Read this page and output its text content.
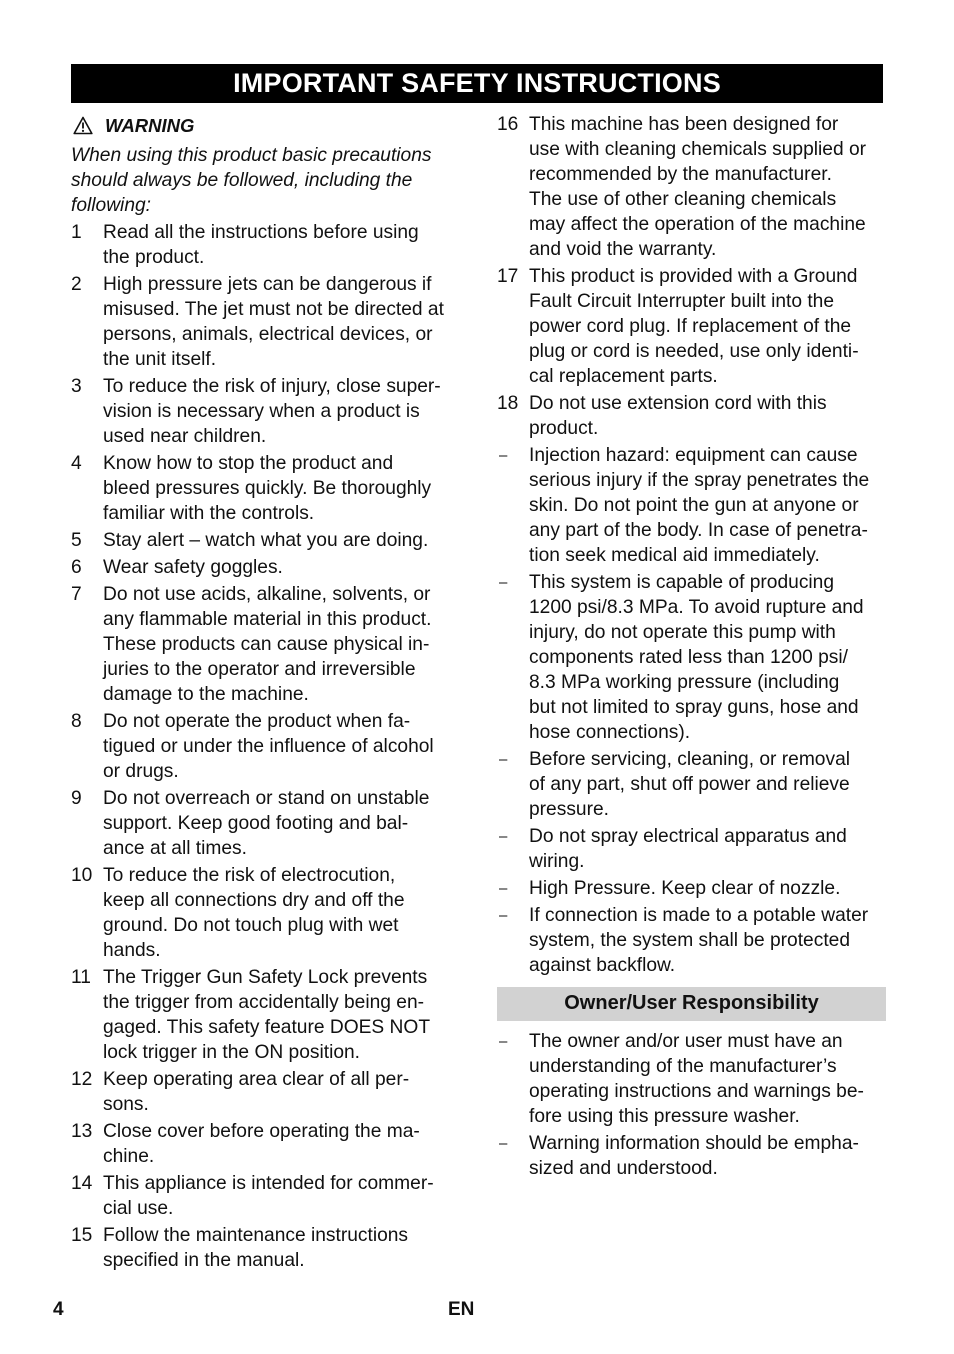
IMPORTANT SAFETY INSTRUCTIONS
WARNING
When using this product basic precautions should always be followed, including the following:
1	Read all the instructions before using
the product.
2	High pressure jets can be dangerous if
misused. The jet must not be directed at
persons, animals, electrical devices, or
the unit itself.
3	To reduce the risk of injury, close super-
vision is necessary when a product is
used near children.
4	Know how to stop the product and
bleed pressures quickly. Be thoroughly
familiar with the controls.
5	Stay alert – watch what you are doing.
6	Wear safety goggles.
7	Do not use acids, alkaline, solvents, or
any flammable material in this product.
These products can cause physical in-
juries to the operator and irreversible
damage to the machine.
8	Do not operate the product when fa-
tigued or under the influence of alcohol
or drugs.
9	Do not overreach or stand on unstable
support. Keep good footing and bal-
ance at all times.
10 To reduce the risk of electrocution,
keep all connections dry and off the
ground. Do not touch plug with wet
hands.
11 The Trigger Gun Safety Lock prevents
the trigger from accidentally being en-
gaged. This safety feature DOES NOT
lock trigger in the ON position.
12 Keep operating area clear of all per-
sons.
13 Close cover before operating the ma-
chine.
14 This appliance is intended for commer-
cial use.
15 Follow the maintenance instructions
specified in the manual.
16 This machine has been designed for
use with cleaning chemicals supplied or
recommended by the manufacturer.
The use of other cleaning chemicals
may affect the operation of the machine
and void the warranty.
17 This product is provided with a Ground
Fault Circuit Interrupter built into the
power cord plug. If replacement of the
plug or cord is needed, use only identi-
cal replacement parts.
18 Do not use extension cord with this
product.
–	Injection hazard: equipment can cause
serious injury if the spray penetrates the
skin. Do not point the gun at anyone or
any part of the body. In case of penetra-
tion seek medical aid immediately.
–	This system is capable of producing
1200 psi/8.3 MPa. To avoid rupture and
injury, do not operate this pump with
components rated less than 1200 psi/
8.3 MPa working pressure (including
but not limited to spray guns, hose and
hose connections).
–	Before servicing, cleaning, or removal
of any part, shut off power and relieve
pressure.
–	Do not spray electrical apparatus and
wiring.
–	High Pressure. Keep clear of nozzle.
–	If connection is made to a potable water
system, the system shall be protected
against backflow.
Owner/User Responsibility
–	The owner and/or user must have an
understanding of the manufacturer’s
operating instructions and warnings be-
fore using this pressure washer.
–	Warning information should be empha-
sized and understood.
4	EN
